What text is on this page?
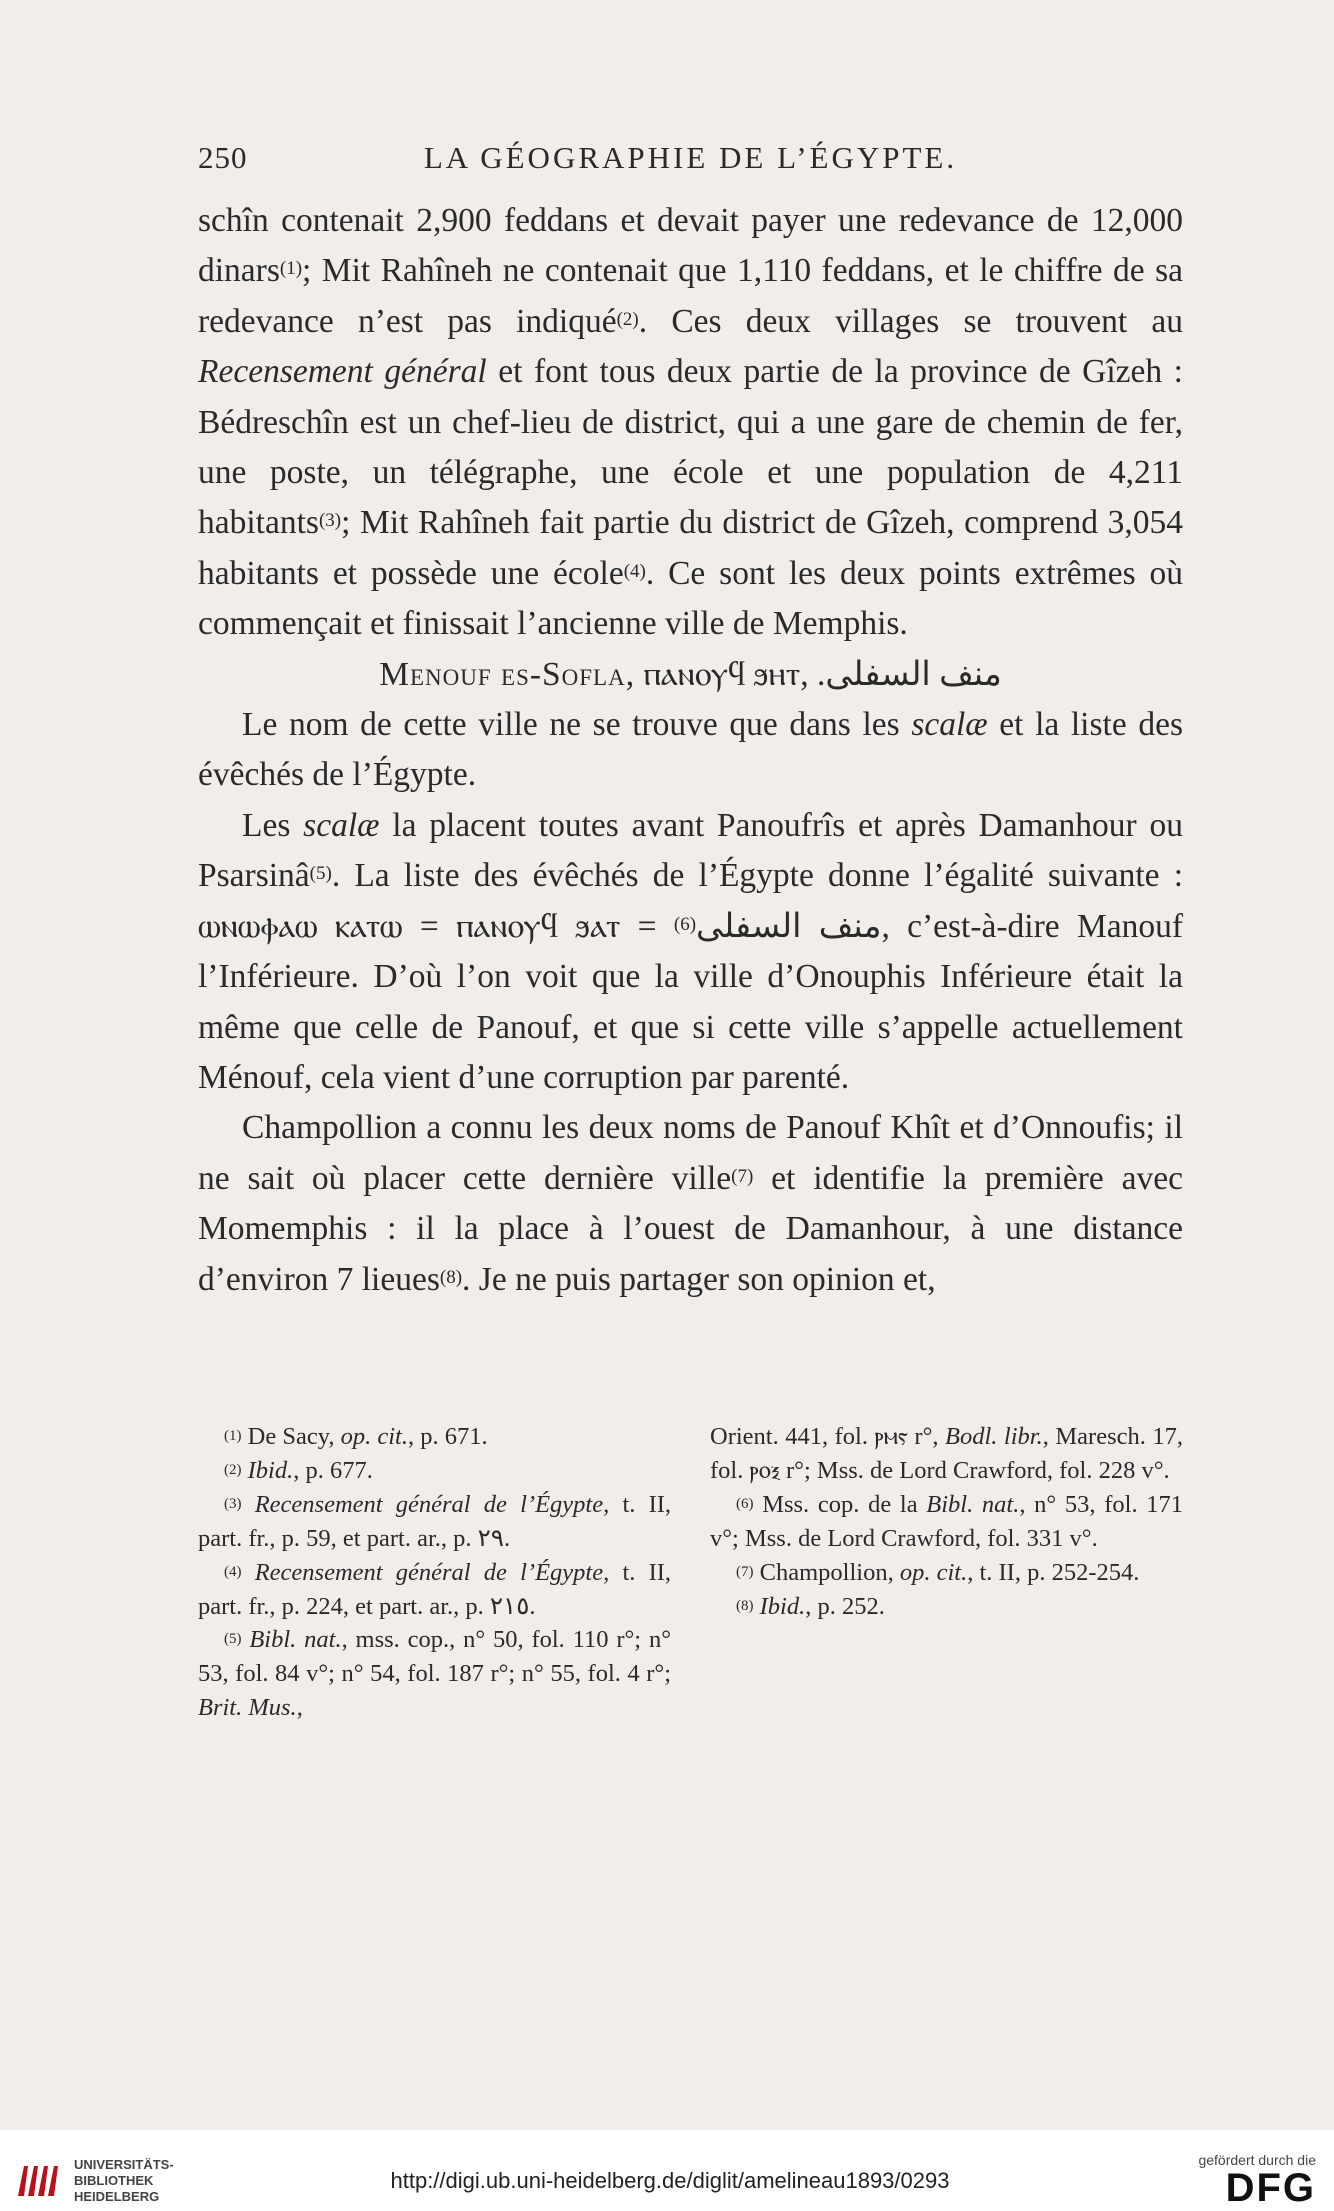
250	LA GÉOGRAPHIE DE L’ÉGYPTE.

schîn contenait 2,900 feddans et devait payer une redevance de 12,000 dinars$^{(1)}$; Mit Rahîneh ne contenait que 1,110 feddans, et le chiffre de sa redevance n’est pas indiqué$^{(2)}$. Ces deux villages se trouvent au Recensement général et font tous deux partie de la province de Gîzeh : Bédreschîn est un chef-lieu de district, qui a une gare de chemin de fer, une poste, un télégraphe, une école et une population de 4,211 habitants$^{(3)}$; Mit Rahîneh fait partie du district de Gîzeh, comprend 3,054 habitants et possède une école$^{(4)}$. Ce sont les deux points extrêmes où commençait et finissait l’ancienne ville de Memphis.

Menouf es-Sofla, ⲡⲁⲛⲟⲩϥ ϧⲏⲧ, منف السفلى.

Le nom de cette ville ne se trouve que dans les scalæ et la liste des évêchés de l’Égypte.

Les scalæ la placent toutes avant Panoufrîs et après Damanhour ou Psarsinâ$^{(5)}$. La liste des évêchés de l’Égypte donne l’égalité suivante : ⲱⲛⲱⲫⲁⲱ ⲕⲁⲧⲱ = ⲡⲁⲛⲟⲩϥ ϧⲁⲧ = منف السفلى$^{(6)}$	, c’est-à-dire Manouf l’Inférieure. D’où l’on voit que la ville d’Onouphis Inférieure était la même que celle de Panouf, et que si cette ville s’appelle actuellement Ménouf, cela vient d’une corruption par parenté.

Champollion a connu les deux noms de Panouf Khît et d’Onnoufis; il ne sait où placer cette dernière ville$^{(7)}$ et identifie la première avec Momemphis : il la place à l’ouest de Damanhour, à une distance d’environ 7 lieues$^{(8)}$. Je ne puis partager son opinion et,

$^{(1)}$ De Sacy, op. cit., p. 671.

$^{(2)}$ Ibid., p. 677.

$^{(3)}$ Recensement général de l’Égypte, t. II, part. fr., p. 59, et part. ar., p. ٢٩.

$^{(4)}$ Recensement général de l’Égypte, t. II, part. fr., p. 224, et part. ar., p. ٢١٥.

$^{(5)}$ Bibl. nat., mss. cop., n° 50, fol. 110 r°; n° 53, fol. 84 v°; n° 54, fol. 187 r°; n° 55, fol. 4 r°; Brit. Mus.,

Orient. 441, fol. ⲣⲙⲋ r°, Bodl. libr., Maresch. 17, fol. ⲣⲟⲝ r°; Mss. de Lord Crawford, fol. 228 v°.

$^{(6)}$ Mss. cop. de la Bibl. nat., n° 53, fol. 171 v°; Mss. de Lord Crawford, fol. 331 v°.

$^{(7)}$ Champollion, op. cit., t. II, p. 252-254.

$^{(8)}$ Ibid., p. 252.

UNIVERSITÄTS-
BIBLIOTHEK
HEIDELBERG
http://digi.ub.uni-heidelberg.de/diglit/amelineau1893/0293
gefördert durch die
DFG
